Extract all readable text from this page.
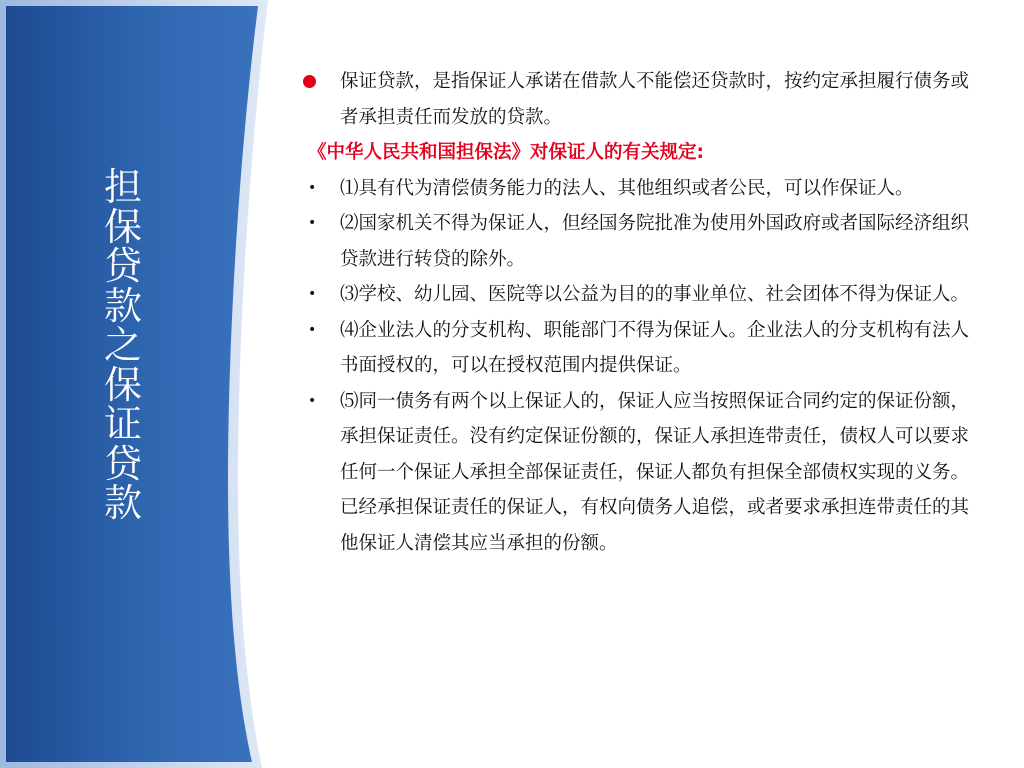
担
保
贷
款
之
保
证
贷
款

保证贷款，是指保证人承诺在借款人不能偿还贷款时，按约定承担履行债务或者承担责任而发放的贷款。

《中华人民共和国担保法》对保证人的有关规定:

• ⑴具有代为清偿债务能力的法人、其他组织或者公民，可以作保证人。

• ⑵国家机关不得为保证人，但经国务院批准为使用外国政府或者国际经济组织贷款进行转贷的除外。

• ⑶学校、幼儿园、医院等以公益为目的的事业单位、社会团体不得为保证人。

• ⑷企业法人的分支机构、职能部门不得为保证人。企业法人的分支机构有法人书面授权的，可以在授权范围内提供保证。

• ⑸同一债务有两个以上保证人的，保证人应当按照保证合同约定的保证份额，承担保证责任。没有约定保证份额的，保证人承担连带责任，债权人可以要求任何一个保证人承担全部保证责任，保证人都负有担保全部债权实现的义务。已经承担保证责任的保证人，有权向债务人追偿，或者要求承担连带责任的其他保证人清偿其应当承担的份额。
